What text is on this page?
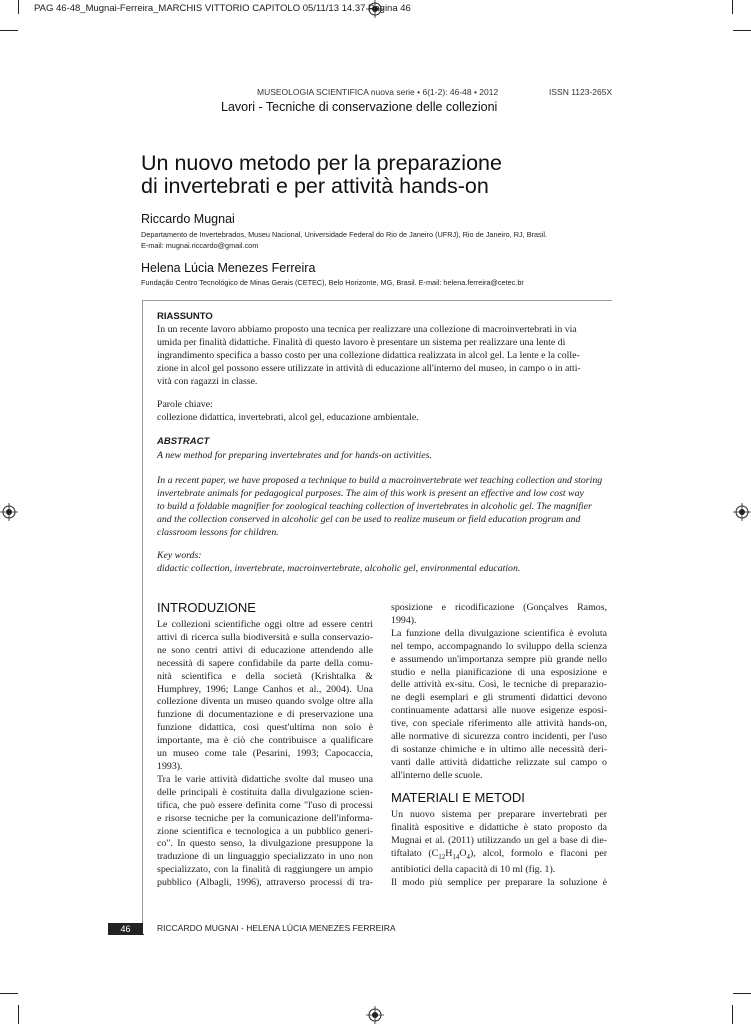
PAG 46-48_Mugnai-Ferreira_MARCHIS VITTORIO CAPITOLO 05/11/13 14.37 Pagina 46
MUSEOLOGIA SCIENTIFICA nuova serie • 6(1-2): 46-48 • 2012	ISSN 1123-265X
Lavori - Tecniche di conservazione delle collezioni
Un nuovo metodo per la preparazione
di invertebrati e per attività hands-on
Riccardo Mugnai
Departamento de Invertebrados, Museu Nacional, Universidade Federal do Rio de Janeiro (UFRJ), Rio de Janeiro, RJ, Brasil.
E-mail: mugnai.riccardo@gmail.com
Helena Lúcia Menezes Ferreira
Fundação Centro Tecnológico de Minas Gerais (CETEC), Belo Horizonte, MG, Brasil. E-mail: helena.ferreira@cetec.br
RIASSUNTO
In un recente lavoro abbiamo proposto una tecnica per realizzare una collezione di macroinvertebrati in via
umida per finalità didattiche. Finalità di questo lavoro è presentare un sistema per realizzare una lente di
ingrandimento specifica a basso costo per una collezione didattica realizzata in alcol gel. La lente e la colle-
zione in alcol gel possono essere utilizzate in attività di educazione all'interno del museo, in campo o in atti-
vità con ragazzi in classe.
Parole chiave:
collezione didattica, invertebrati, alcol gel, educazione ambientale.
ABSTRACT
A new method for preparing invertebrates and for hands-on activities.
In a recent paper, we have proposed a technique to build a macroinvertebrate wet teaching collection and storing
invertebrate animals for pedagogical purposes. The aim of this work is present an effective and low cost way
to build a foldable magnifier for zoological teaching collection of invertebrates in alcoholic gel. The magnifier
and the collection conserved in alcoholic gel can be used to realize museum or field education program and
classroom lessons for children.
Key words:
didactic collection, invertebrate, macroinvertebrate, alcoholic gel, environmental education.
INTRODUZIONE
Le collezioni scientifiche oggi oltre ad essere centri
attivi di ricerca sulla biodiversità e sulla conservazio-
ne sono centri attivi di educazione attendendo alle
necessità di sapere confidabile da parte della comu-
nità scientifica e della società (Krishtalka &
Humphrey, 1996; Lange Canhos et al., 2004). Una
collezione diventa un museo quando svolge oltre alla
funzione di documentazione e di preservazione una
funzione didattica, così quest'ultima non solo è
importante, ma è ciò che contribuisce a qualificare
un museo come tale (Pesarini, 1993; Capocaccia,
1993).
Tra le varie attività didattiche svolte dal museo una
delle principali è costituita dalla divulgazione scien-
tifica, che può essere definita come "l'uso di processi
e risorse tecniche per la comunicazione dell'informa-
zione scientifica e tecnologica a un pubblico generi-
co". In questo senso, la divulgazione presuppone la
traduzione di un linguaggio specializzato in uno non
specializzato, con la finalità di raggiungere un ampio
pubblico (Albagli, 1996), attraverso processi di tra-
sposizione e ricodificazione (Gonçalves Ramos,
1994).
La funzione della divulgazione scientifica è evoluta
nel tempo, accompagnando lo sviluppo della scienza
e assumendo un'importanza sempre più grande nello
studio e nella pianificazione di una esposizione e
delle attività ex-situ. Così, le tecniche di preparazio-
ne degli esemplari e gli strumenti didattici devono
continuamente adattarsi alle nuove esigenze esposi-
tive, con speciale riferimento alle attività hands-on,
alle normative di sicurezza contro incidenti, per l'uso
di sostanze chimiche e in ultimo alle necessità deri-
vanti dalle attività didattiche relizzate sul campo o
all'interno delle scuole.
MATERIALI E METODI
Un nuovo sistema per preparare invertebrati per
finalità espositive e didattiche è stato proposto da
Mugnai et al. (2011) utilizzando un gel a base di die-
tiftalato $(C_{12}H_{14}O_4)$, alcol, formolo e flaconi per
antibiotici della capacità di 10 ml (fig. 1).
Il modo più semplice per preparare la soluzione è
46	RICCARDO MUGNAI - HELENA LÚCIA MENEZES FERREIRA
